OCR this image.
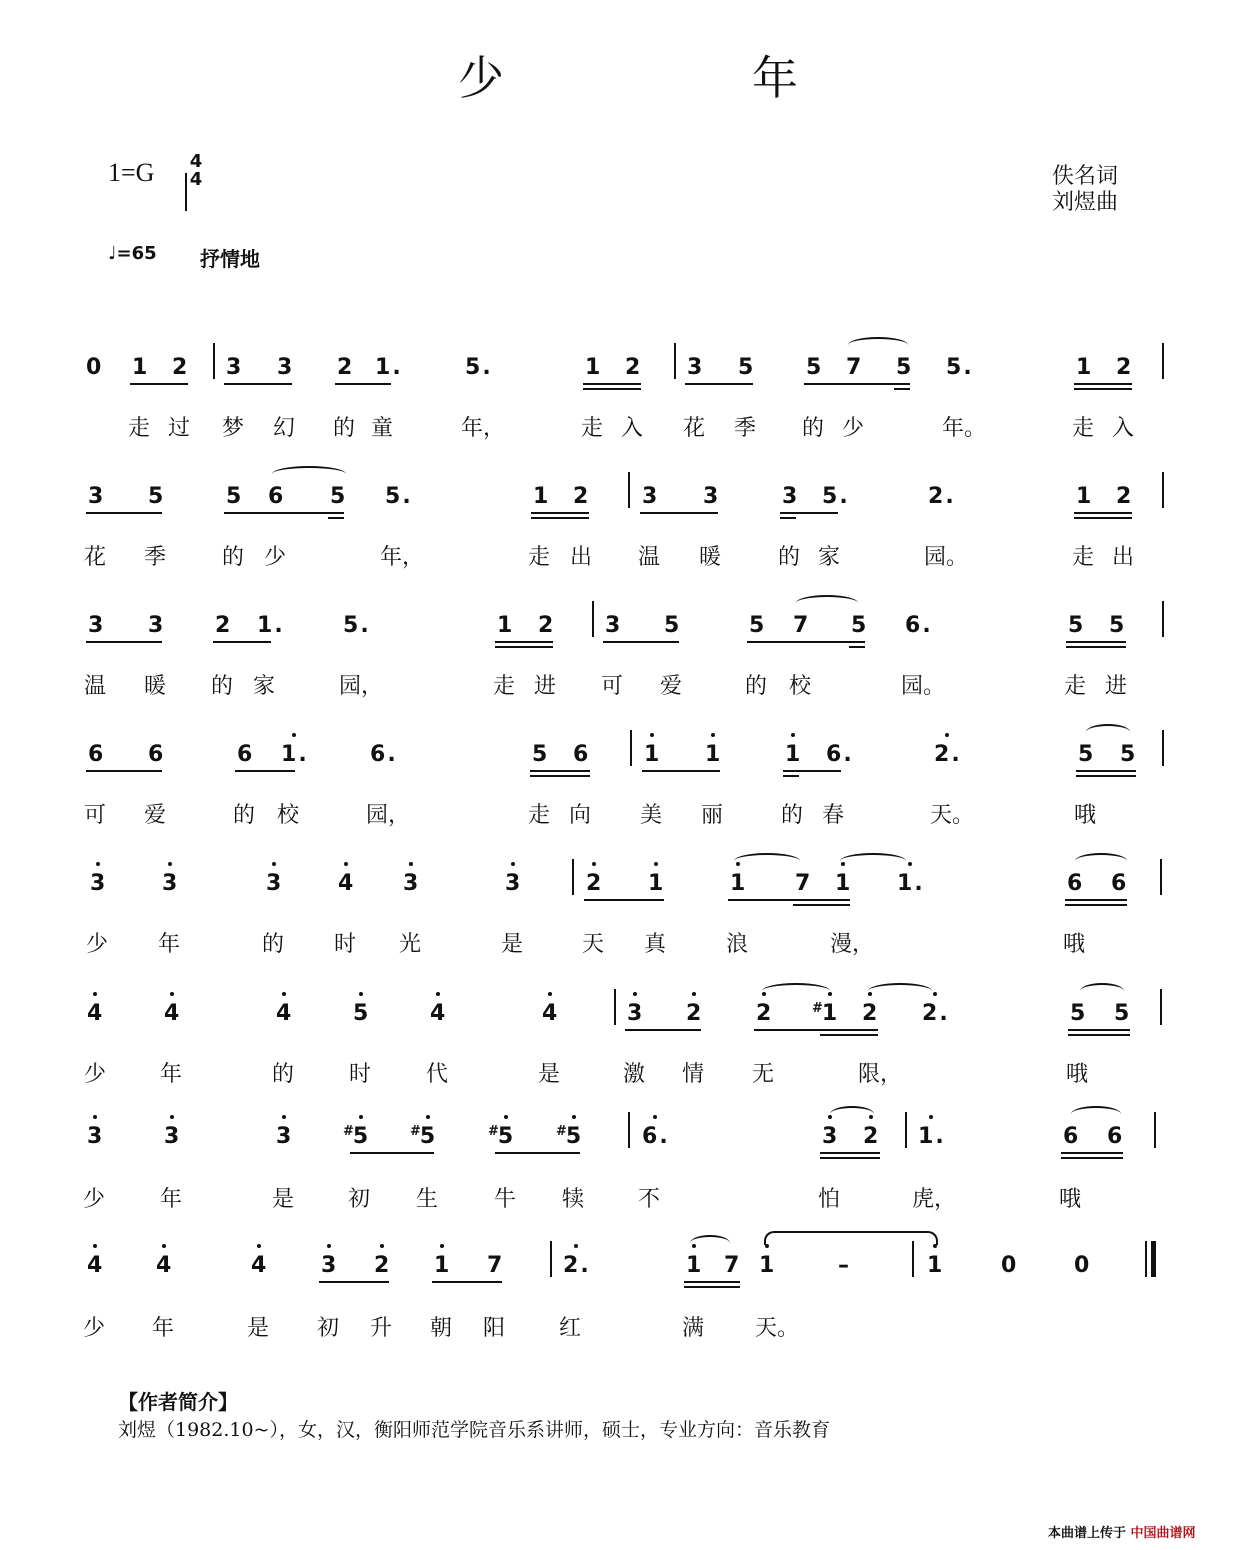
少	年
1=G 4
4	佚名词
刘煜曲
♩=65 抒情地
0 1 2 3 3 2 1.	5.	1 2 3 5 5 7 5 5.	1 2
走 过 梦 幻 的 童	年，	走 入 花 季 的 少	年。	走 入
3 5	5 6 5 5.	1 2 3 3	3 5.	2.	1 2
花 季	的 少	年，	走 出 温 暖	的 家	园。	走 出
3 3 2 1.	5.	1 2 3 5	5 7 5 6.	5 5
温 暖 的 家	园，	走 进 可 爱	的 校	园。	走 进
6 6	6 1.	6.	5 6	1 1	1 6.	2.	5 5
可 爱	的 校	园，	走 向 美 丽	的 春	天。	哦
3	3	3	4 3	3	2 1	1 7 1 1.	6 6
少 年	的 时 光	是	天 真	浪	漫，	哦
4	4	4	5	4	4	3 2 2	#
1 2 2.	5 5
少 年	的 时 代	是	激 情 无	限，	哦
3	3	3	#
5	#
5	#
5	#
5	6.	3 2 1.	6 6
少 年	是 初 生	牛 犊 不	怕	虎，	哦
4 4	4 3 2 1 7	2.	1 7 1	–	1	0	0
少 年	是 初 升 朝 阳 红	满 天。
【作者简介】
刘煜（1982.10~），女，汉，衡阳师范学院音乐系讲师，硕士，专业方向：音乐教育
本曲谱上传于 中国曲谱网
